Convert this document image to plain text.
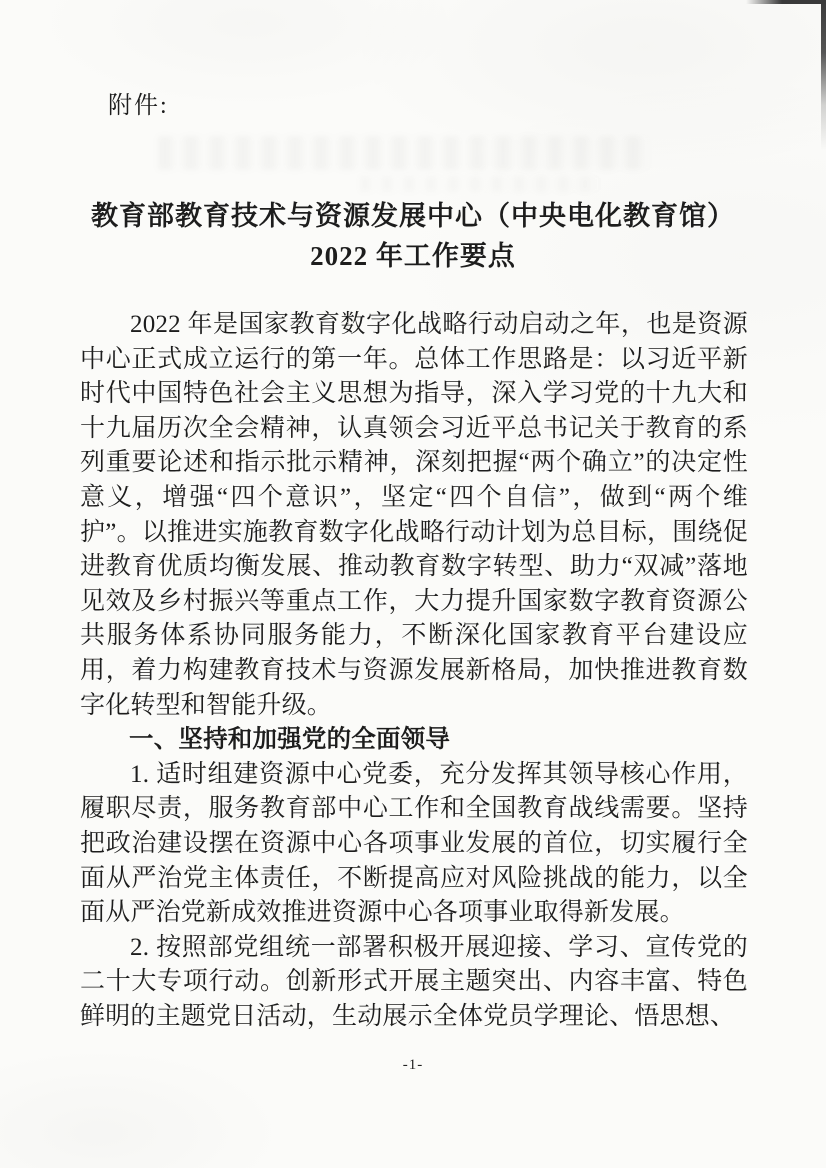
附件:
教育部教育技术与资源发展中心（中央电化教育馆）
2022 年工作要点

2022 年是国家教育数字化战略行动启动之年，也是资源中心正式成立运行的第一年。总体工作思路是：以习近平新时代中国特色社会主义思想为指导，深入学习党的十九大和十九届历次全会精神，认真领会习近平总书记关于教育的系列重要论述和指示批示精神，深刻把握“两个确立”的决定性意义，增强“四个意识”，坚定“四个自信”，做到“两个维护”。以推进实施教育数字化战略行动计划为总目标，围绕促进教育优质均衡发展、推动教育数字转型、助力“双减”落地见效及乡村振兴等重点工作，大力提升国家数字教育资源公共服务体系协同服务能力，不断深化国家教育平台建设应用，着力构建教育技术与资源发展新格局，加快推进教育数字化转型和智能升级。

一、坚持和加强党的全面领导

1. 适时组建资源中心党委，充分发挥其领导核心作用，履职尽责，服务教育部中心工作和全国教育战线需要。坚持把政治建设摆在资源中心各项事业发展的首位，切实履行全面从严治党主体责任，不断提高应对风险挑战的能力，以全面从严治党新成效推进资源中心各项事业取得新发展。

2. 按照部党组统一部署积极开展迎接、学习、宣传党的二十大专项行动。创新形式开展主题突出、内容丰富、特色鲜明的主题党日活动，生动展示全体党员学理论、悟思想、

-1-
